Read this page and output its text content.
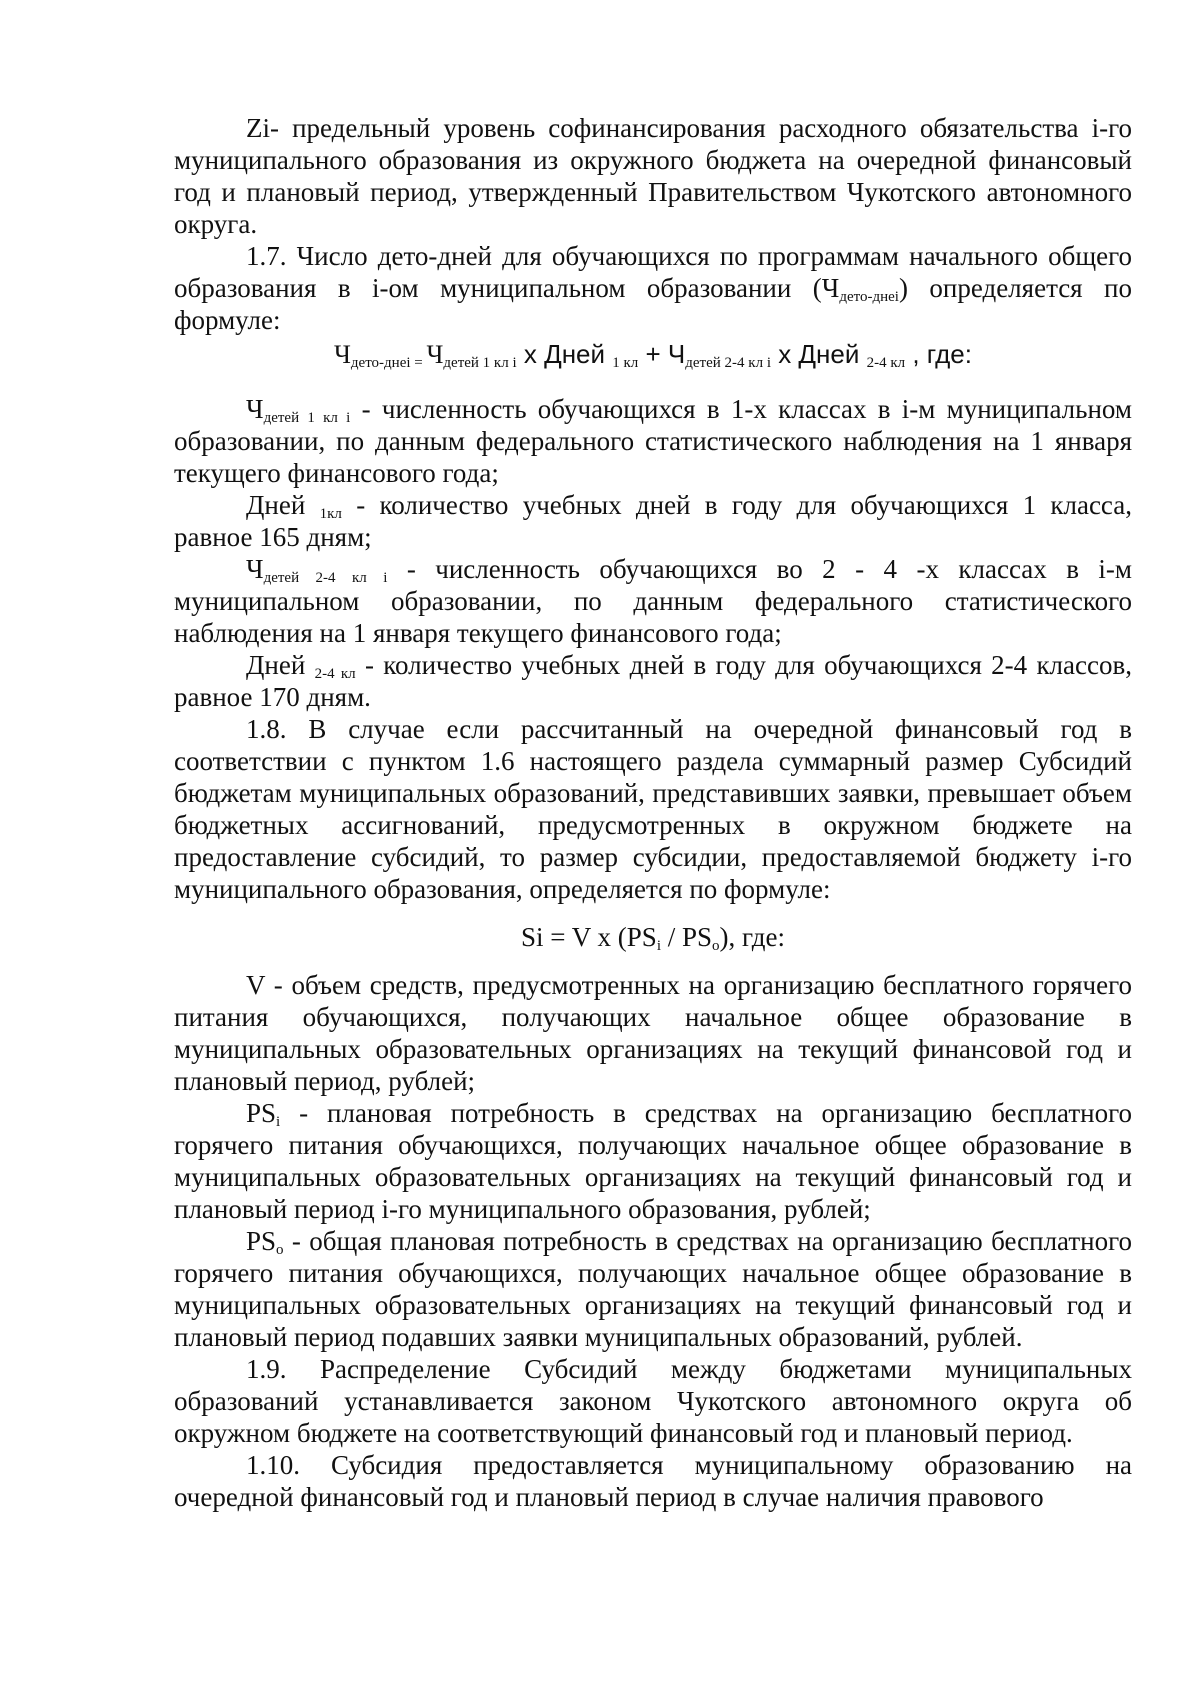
Zi- предельный уровень софинансирования расходного обязательства i-го муниципального образования из окружного бюджета на очередной финансовый год и плановый период, утвержденный Правительством Чукотского автономного округа.

1.7. Число дето-дней для обучающихся по программам начального общего образования в i-ом муниципальном образовании $(Ч_{дето-днеi})$ определяется по формуле:

$Ч_{дето-днеi =}$ $Ч_{детей 1 кл i}$ х Дней $_{1 кл} + Ч_{детей 2-4 кл i}$ х Дней $_{2-4 кл}$ , где:

$Ч_{детей 1 кл i}$ - численность обучающихся в 1-х классах в i-м муниципальном образовании, по данным федерального статистического наблюдения на 1 января текущего финансового года;

Дней $_{1кл}$ - количество учебных дней в году для обучающихся 1 класса, равное 165 дням;

$Ч_{детей 2-4 кл i}$ - численность обучающихся во 2 - 4 -х классах в i-м муниципальном образовании, по данным федерального статистического наблюдения на 1 января текущего финансового года;

Дней $_{2-4 кл}$ - количество учебных дней в году для обучающихся 2-4 классов, равное 170 дням.

1.8. В случае если рассчитанный на очередной финансовый год в соответствии с пунктом 1.6 настоящего раздела суммарный размер Субсидий бюджетам муниципальных образований, представивших заявки, превышает объем бюджетных ассигнований, предусмотренных в окружном бюджете на предоставление субсидий, то размер субсидии, предоставляемой бюджету i-го муниципального образования, определяется по формуле:

Si = V x $(PS_i / PS_o)$, где:

V - объем средств, предусмотренных на организацию бесплатного горячего питания обучающихся, получающих начальное общее образование в муниципальных образовательных организациях на текущий финансовой год и плановый период, рублей;

$PS_i$ - плановая потребность в средствах на организацию бесплатного горячего питания обучающихся, получающих начальное общее образование в муниципальных образовательных организациях на текущий финансовый год и плановый период i-го муниципального образования, рублей;

$PS_o$ - общая плановая потребность в средствах на организацию бесплатного горячего питания обучающихся, получающих начальное общее образование в муниципальных образовательных организациях на текущий финансовый год и плановый период подавших заявки муниципальных образований, рублей.

1.9. Распределение Субсидий между бюджетами муниципальных образований устанавливается законом Чукотского автономного округа об окружном бюджете на соответствующий финансовый год и плановый период.

1.10. Субсидия предоставляется муниципальному образованию на очередной финансовый год и плановый период в случае наличия правового
